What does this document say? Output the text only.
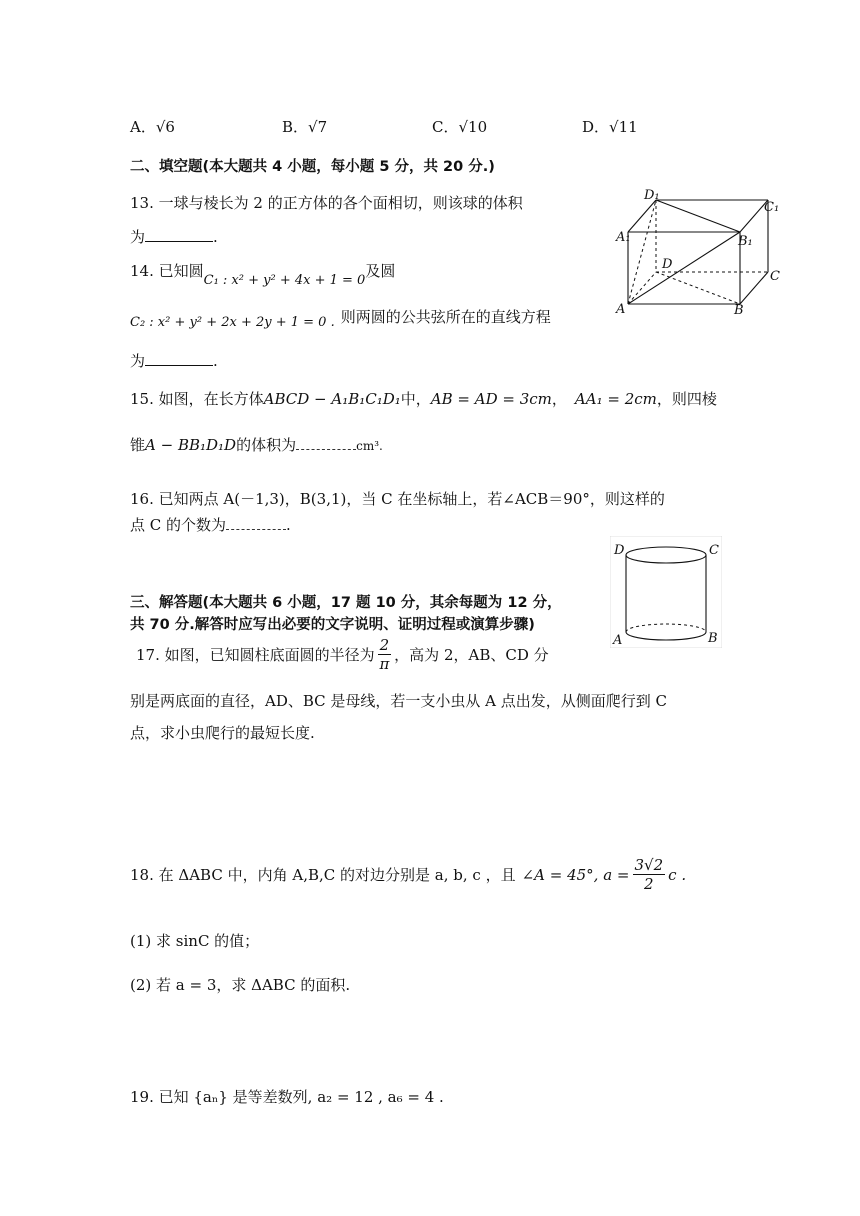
A．√6	B．√7	C．√10	D．√11
二、填空题(本大题共 4 小题，每小题 5 分，共 20 分.)
13. 一球与棱长为 2 的正方体的各个面相切，则该球的体积
为	.
14. 已知圆C₁ : x² + y² + 4x + 1 = 0及圆
C₂ : x² + y² + 2x + 2y + 1 = 0 . 则两圆的公共弦所在的直线方程
为	.
D₁
C₁
A₁	B₁
D
C
A	B
15. 如图，在长方体ABCD − A₁B₁C₁D₁中，AB = AD = 3cm， AA₁ = 2cm，则四棱
锥A − BB₁D₁D的体积为	cm³.
16. 已知两点 A(－1,3)，B(3,1)，当 C 在坐标轴上，若∠ACB＝90°，则这样的
点 C 的个数为	.
D	C
A	B
三、解答题(本大题共 6 小题，17 题 10 分，其余每题为 12 分，
共 70 分.解答时应写出必要的文字说明、证明过程或演算步骤)
17. 如图，已知圆柱底面圆的半径为 $\frac{2}{\pi}$ ，高为 2，AB、CD 分
别是两底面的直径，AD、BC 是母线，若一支小虫从 A 点出发，从侧面爬行到 C
点，求小虫爬行的最短长度.
18. 在 ΔABC 中，内角 A,B,C 的对边分别是 a, b, c ，且 ∠A = 45°, $a = \frac{3√2}{2}$ c .
(1) 求 sinC 的值；
(2) 若 a = 3，求 ΔABC 的面积.
19. 已知 {aₙ} 是等差数列, a₂ = 12 , a₆ = 4 .
